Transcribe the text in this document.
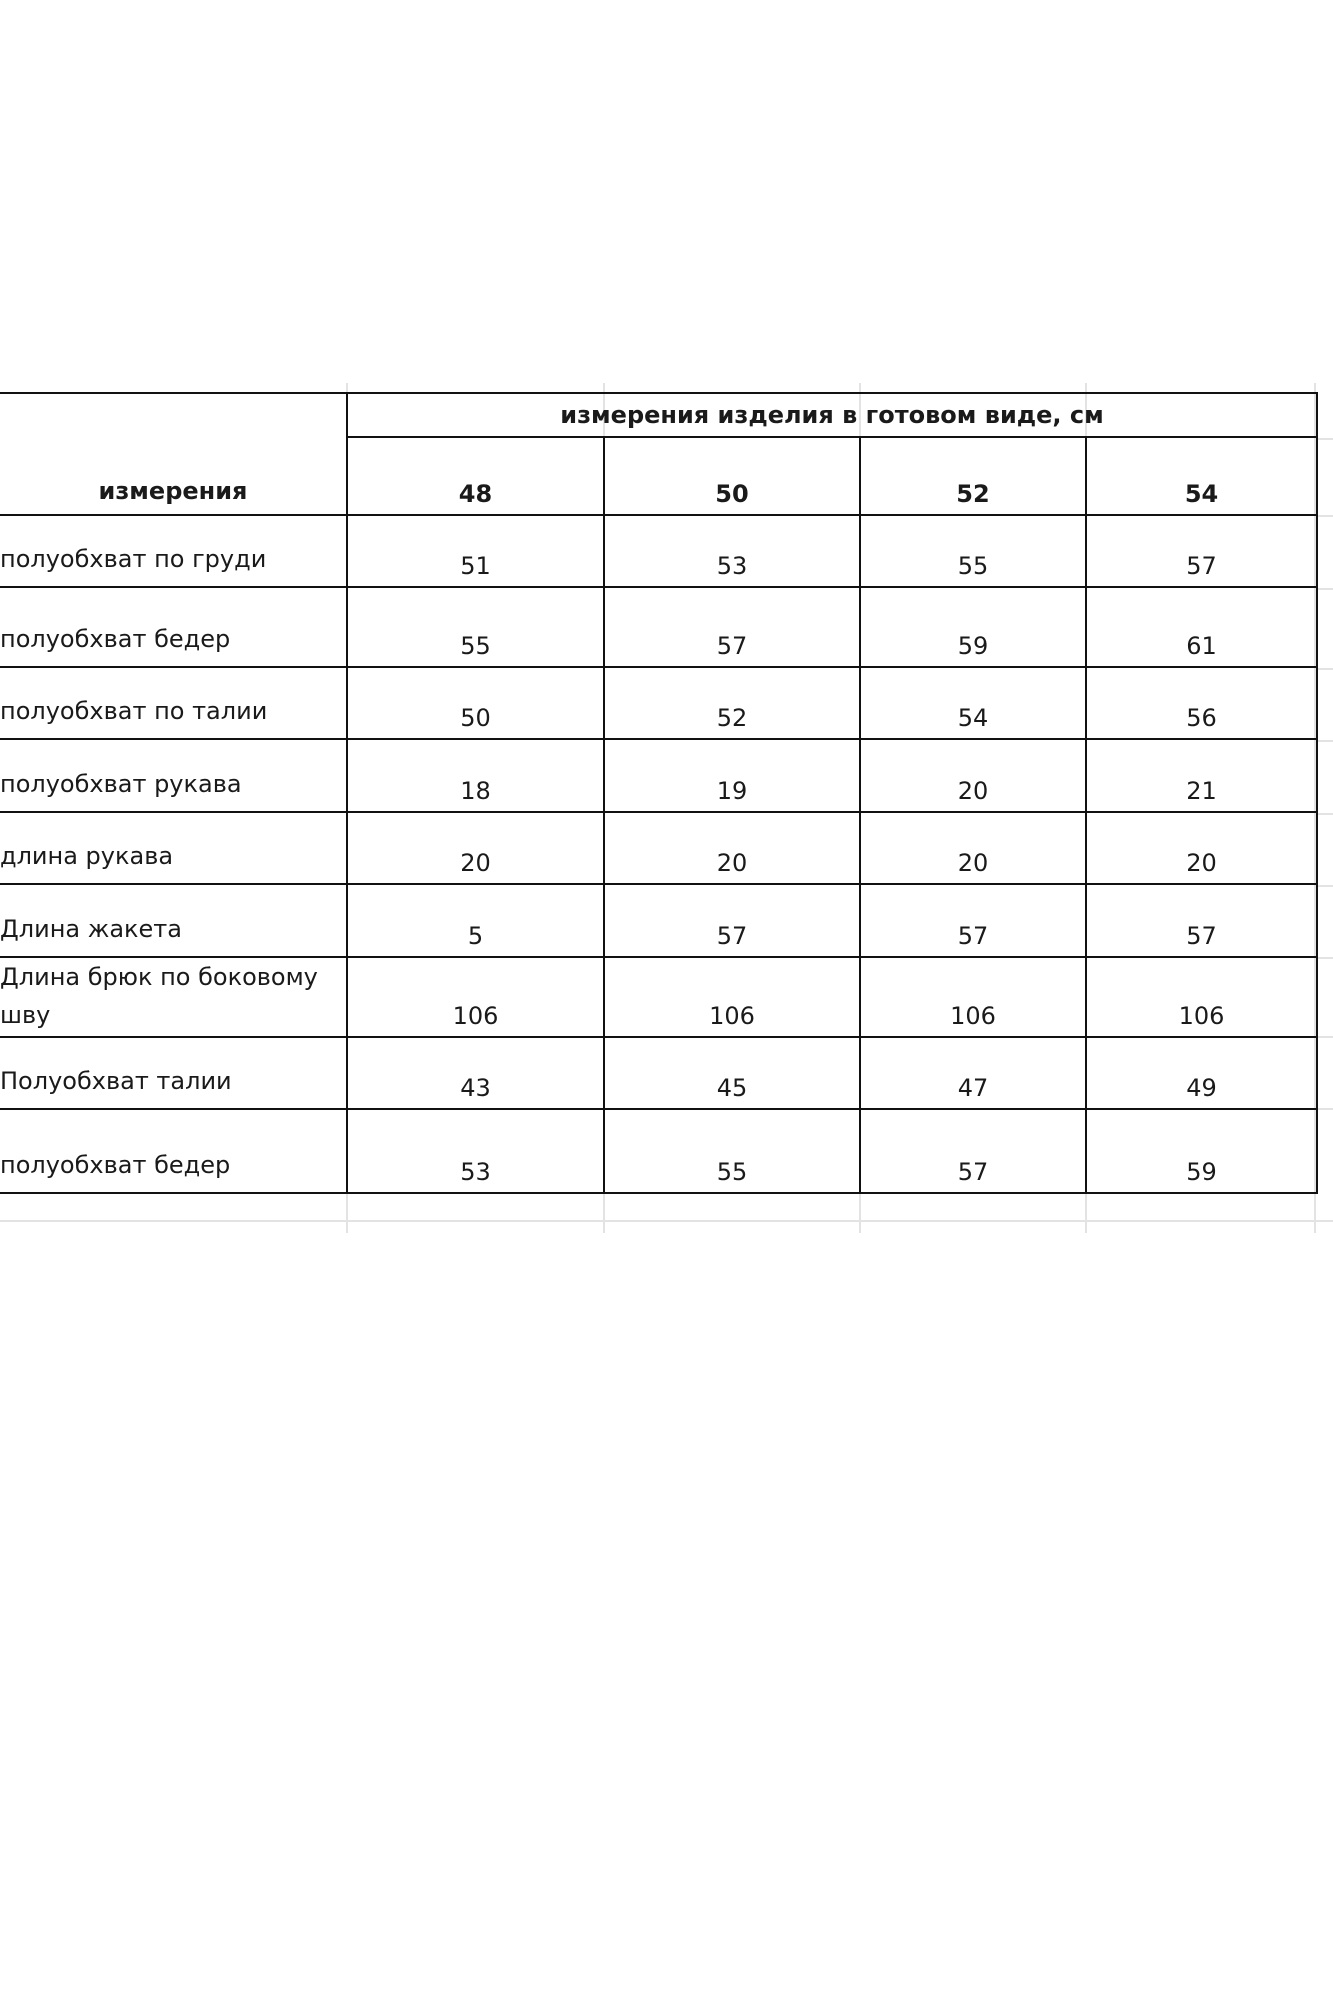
измерения	измерения изделия в готовом виде, см			
	48	50	52	54
полуобхват по груди	51	53	55	57
полуобхват бедер	55	57	59	61
полуобхват по талии	50	52	54	56
полуобхват рукава	18	19	20	21
длина рукава	20	20	20	20
Длина жакета	5	57	57	57
Длина брюк по боковому шву	106	106	106	106
Полуобхват талии	43	45	47	49
полуобхват бедер	53	55	57	59
